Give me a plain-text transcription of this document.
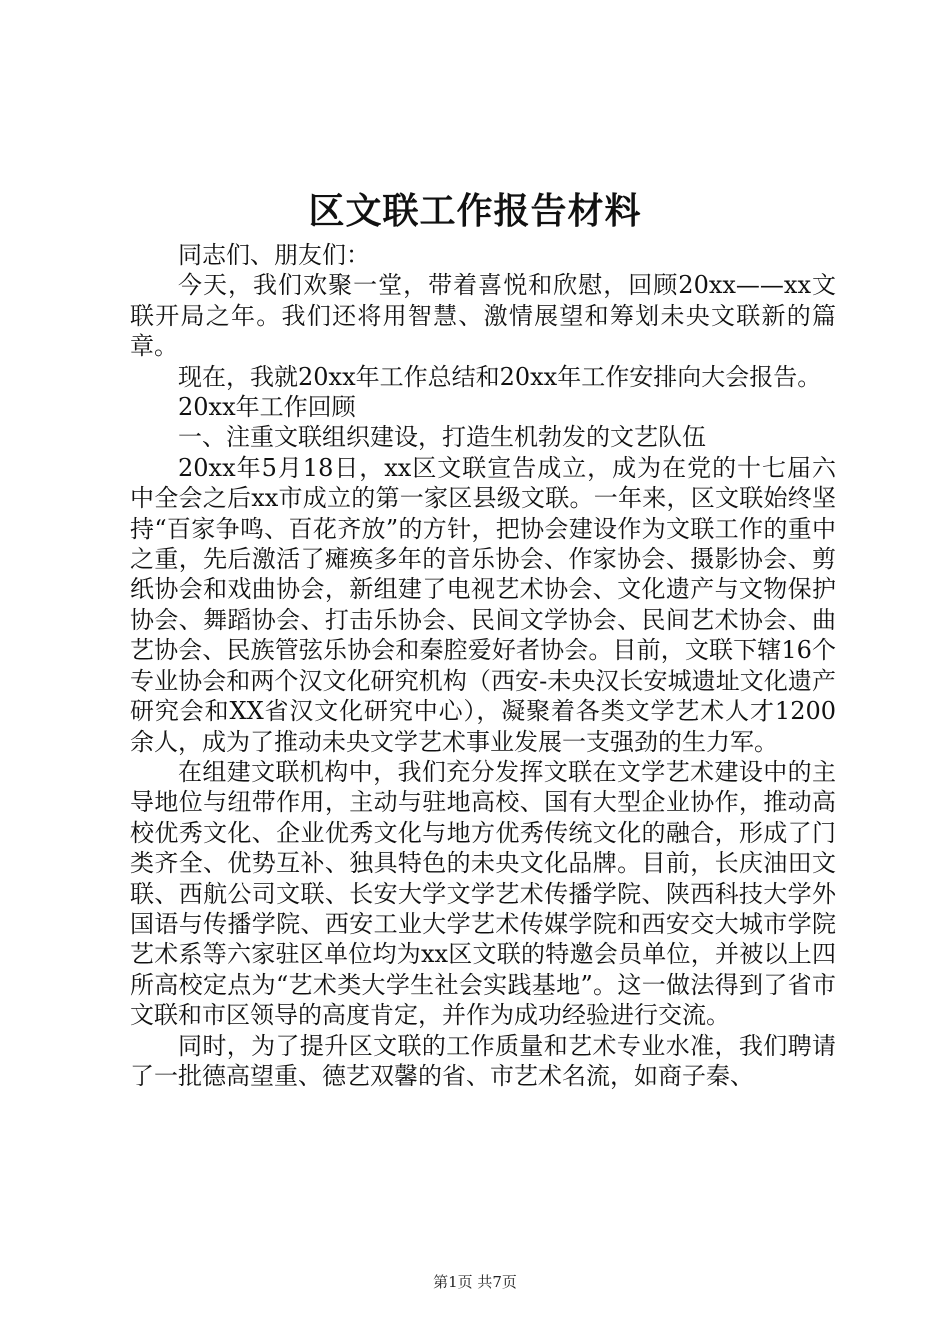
区文联工作报告材料

同志们、朋友们：

今天，我们欢聚一堂，带着喜悦和欣慰，回顾20xx——xx文联开局之年。我们还将用智慧、激情展望和筹划未央文联新的篇章。

现在，我就20xx年工作总结和20xx年工作安排向大会报告。

20xx年工作回顾

一、注重文联组织建设，打造生机勃发的文艺队伍

20xx年5月18日，xx区文联宣告成立，成为在党的十七届六中全会之后xx市成立的第一家区县级文联。一年来，区文联始终坚持“百家争鸣、百花齐放”的方针，把协会建设作为文联工作的重中之重，先后激活了瘫痪多年的音乐协会、作家协会、摄影协会、剪纸协会和戏曲协会，新组建了电视艺术协会、文化遗产与文物保护协会、舞蹈协会、打击乐协会、民间文学协会、民间艺术协会、曲艺协会、民族管弦乐协会和秦腔爱好者协会。目前，文联下辖16个专业协会和两个汉文化研究机构（西安-未央汉长安城遗址文化遗产研究会和XX省汉文化研究中心），凝聚着各类文学艺术人才1200余人，成为了推动未央文学艺术事业发展一支强劲的生力军。

在组建文联机构中，我们充分发挥文联在文学艺术建设中的主导地位与纽带作用，主动与驻地高校、国有大型企业协作，推动高校优秀文化、企业优秀文化与地方优秀传统文化的融合，形成了门类齐全、优势互补、独具特色的未央文化品牌。目前，长庆油田文联、西航公司文联、长安大学文学艺术传播学院、陕西科技大学外国语与传播学院、西安工业大学艺术传媒学院和西安交大城市学院艺术系等六家驻区单位均为xx区文联的特邀会员单位，并被以上四所高校定点为“艺术类大学生社会实践基地”。这一做法得到了省市文联和市区领导的高度肯定，并作为成功经验进行交流。

同时，为了提升区文联的工作质量和艺术专业水准，我们聘请了一批德高望重、德艺双馨的省、市艺术名流，如商子秦、

第1页 共7页
